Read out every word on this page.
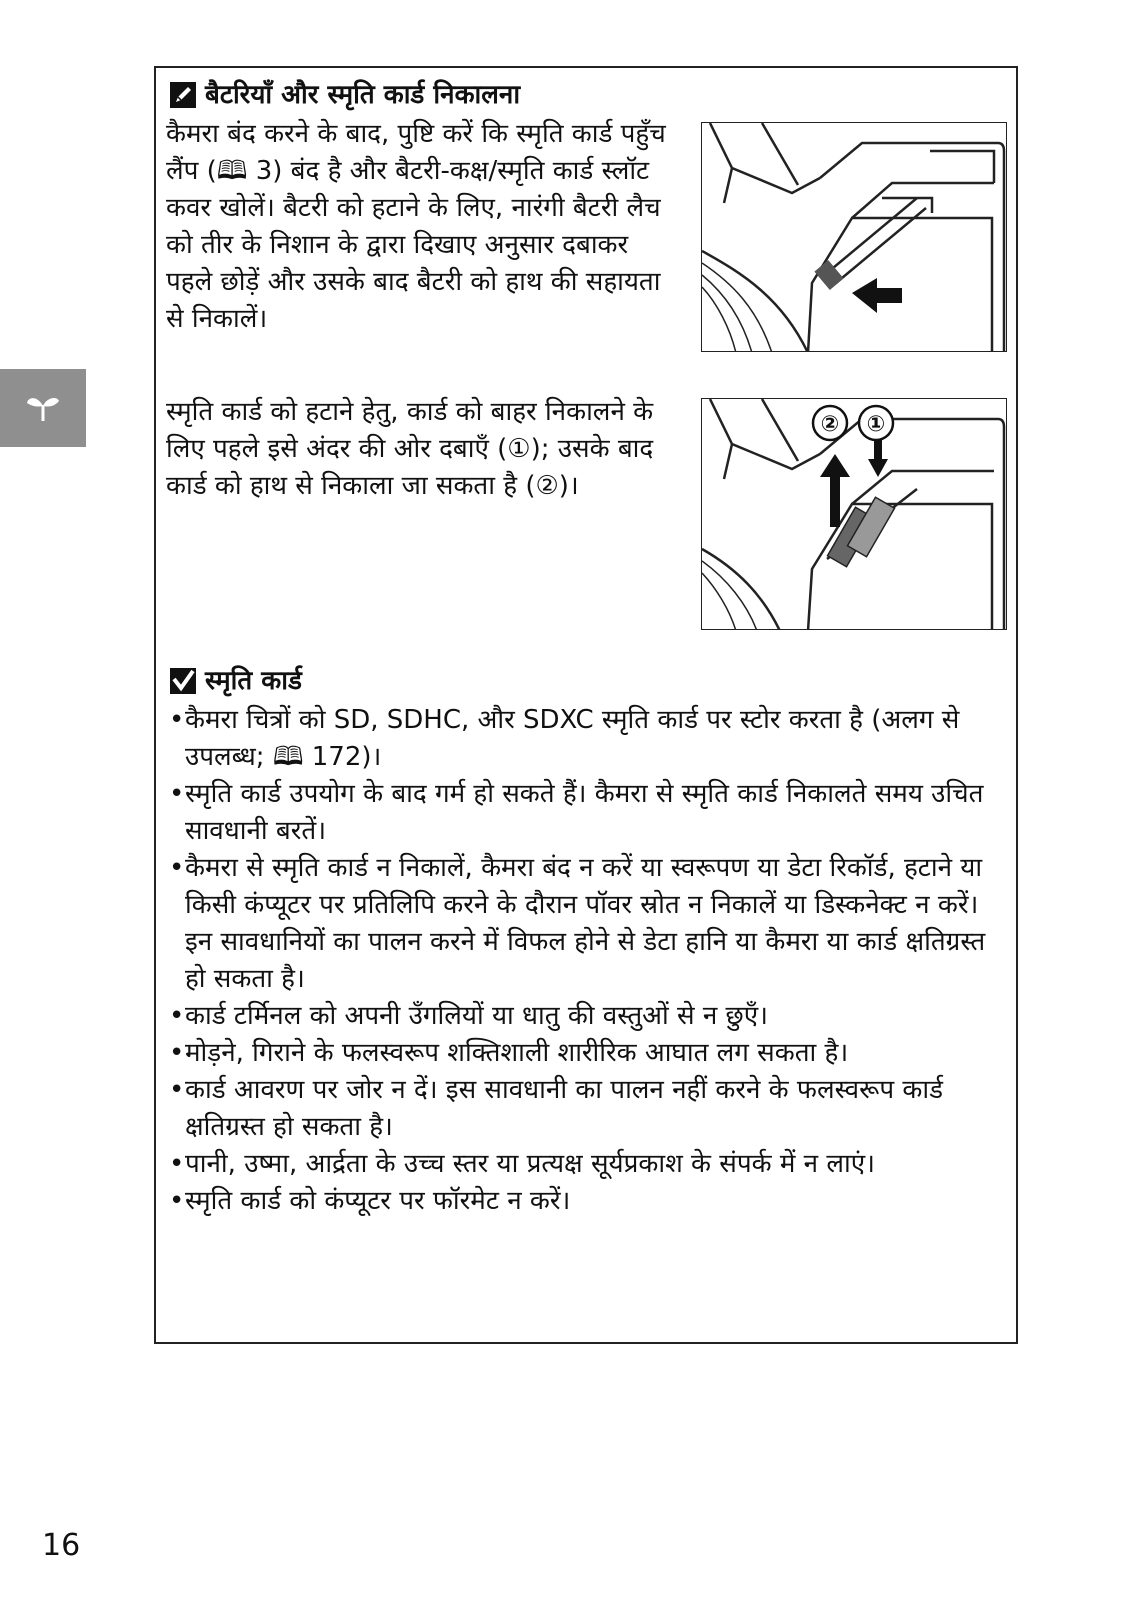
बैटरियाँ और स्मृति कार्ड निकालना

कैमरा बंद करने के बाद, पुष्टि करें कि स्मृति कार्ड पहुँच लैंप (🕮 3) बंद है और बैटरी-कक्ष/स्मृति कार्ड स्लॉट कवर खोलें। बैटरी को हटाने के लिए, नारंगी बैटरी लैच को तीर के निशान के द्वारा दिखाए अनुसार दबाकर पहले छोड़ें और उसके बाद बैटरी को हाथ की सहायता से निकालें।

स्मृति कार्ड को हटाने हेतु, कार्ड को बाहर निकालने के लिए पहले इसे अंदर की ओर दबाएँ (①); उसके बाद कार्ड को हाथ से निकाला जा सकता है (②)।

② ①
स्मृति कार्ड
• कैमरा चित्रों को SD, SDHC, और SDXC स्मृति कार्ड पर स्टोर करता है (अलग से उपलब्ध; 🕮 172)।
• स्मृति कार्ड उपयोग के बाद गर्म हो सकते हैं। कैमरा से स्मृति कार्ड निकालते समय उचित सावधानी बरतें।
• कैमरा से स्मृति कार्ड न निकालें, कैमरा बंद न करें या स्वरूपण या डेटा रिकॉर्ड, हटाने या किसी कंप्यूटर पर प्रतिलिपि करने के दौरान पॉवर स्रोत न निकालें या डिस्कनेक्ट न करें। इन सावधानियों का पालन करने में विफल होने से डेटा हानि या कैमरा या कार्ड क्षतिग्रस्त हो सकता है।
• कार्ड टर्मिनल को अपनी उँगलियों या धातु की वस्तुओं से न छुएँ।
• मोड़ने, गिराने के फलस्वरूप शक्तिशाली शारीरिक आघात लग सकता है।
• कार्ड आवरण पर जोर न दें। इस सावधानी का पालन नहीं करने के फलस्वरूप कार्ड क्षतिग्रस्त हो सकता है।
• पानी, उष्मा, आर्द्रता के उच्च स्तर या प्रत्यक्ष सूर्यप्रकाश के संपर्क में न लाएं।
• स्मृति कार्ड को कंप्यूटर पर फॉरमेट न करें।
16
